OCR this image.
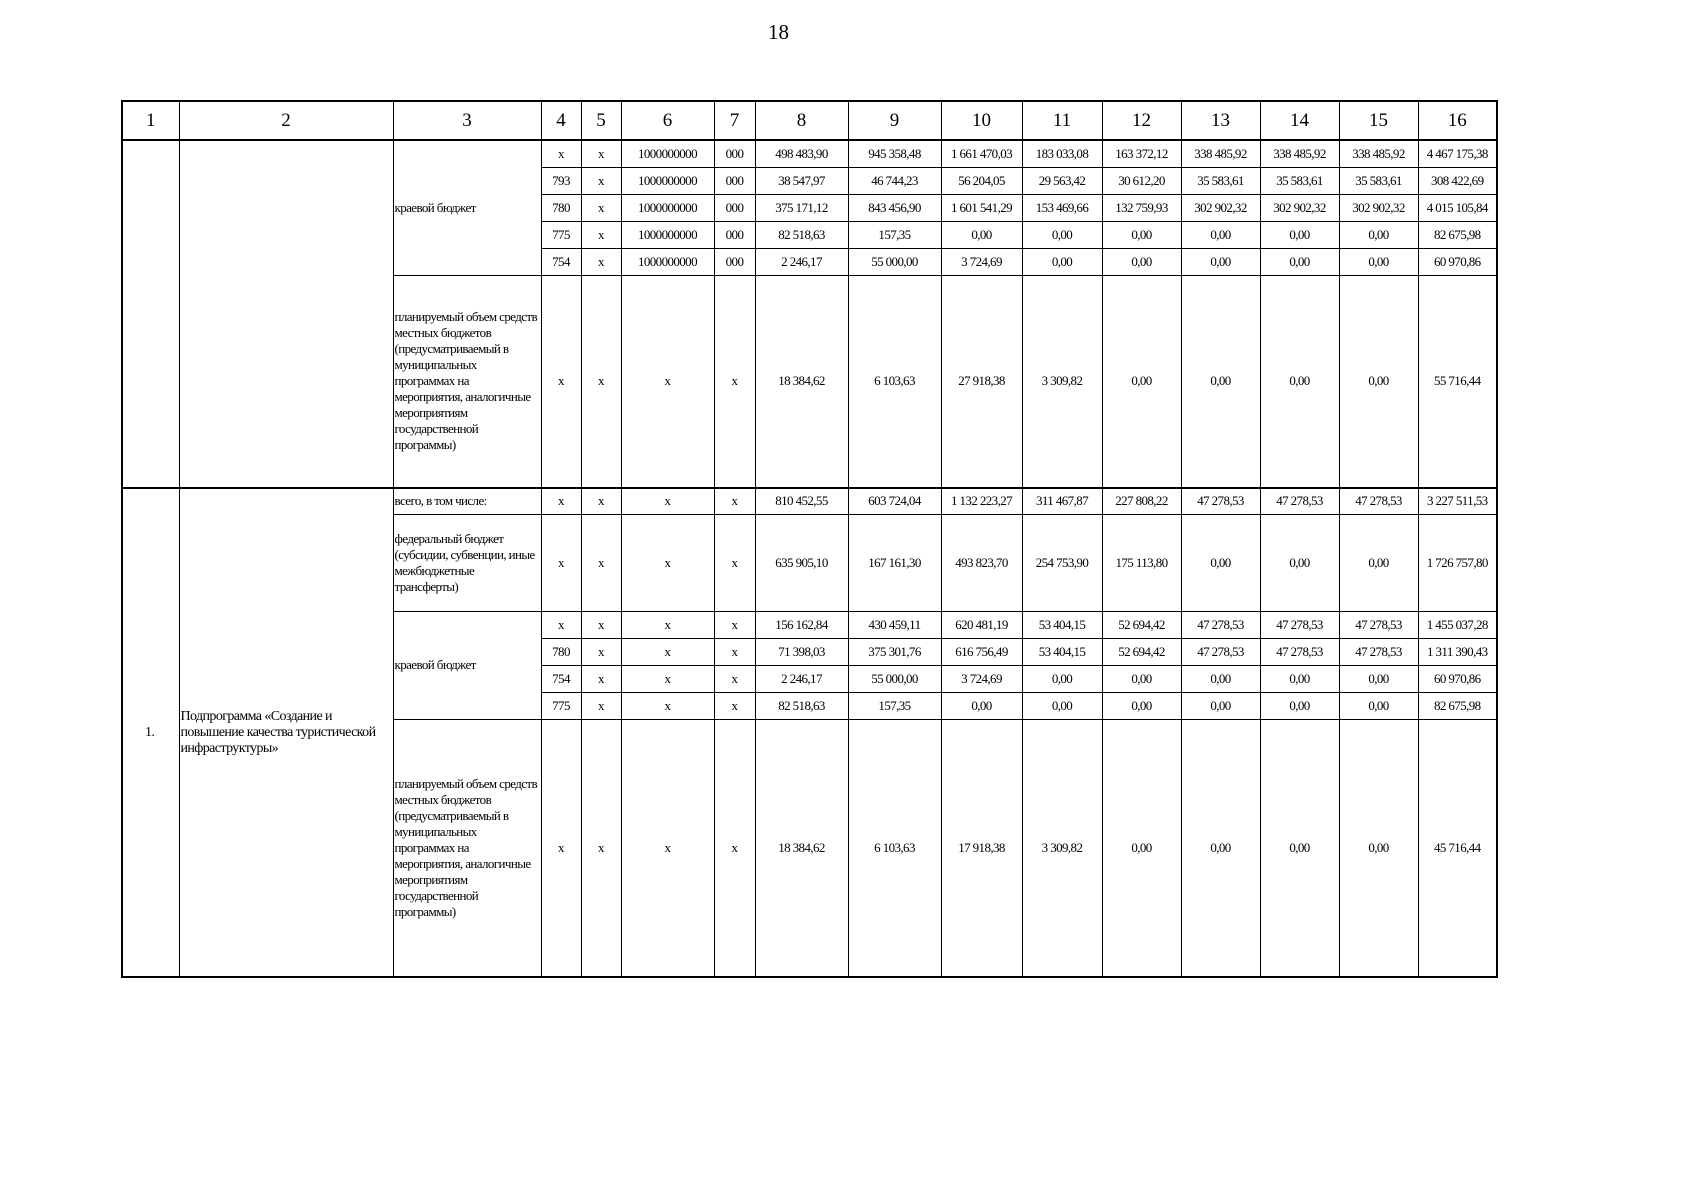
18
1	2	3	4	5	6	7	8	9	10	11	12	13	14	15	16
		краевой бюджет	х	х	1000000000	000	498 483,90	945 358,48	1 661 470,03	183 033,08	163 372,12	338 485,92	338 485,92	338 485,92	4 467 175,38
			793	х	1000000000	000	38 547,97	46 744,23	56 204,05	29 563,42	30 612,20	35 583,61	35 583,61	35 583,61	308 422,69
			780	х	1000000000	000	375 171,12	843 456,90	1 601 541,29	153 469,66	132 759,93	302 902,32	302 902,32	302 902,32	4 015 105,84
			775	х	1000000000	000	82 518,63	157,35	0,00	0,00	0,00	0,00	0,00	0,00	82 675,98
			754	х	1000000000	000	2 246,17	55 000,00	3 724,69	0,00	0,00	0,00	0,00	0,00	60 970,86
		планируемый объем средств местных бюджетов (предусматриваемый в муниципальных программах на мероприятия, аналогичные мероприятиям государственной программы)	х	х	х	х	18 384,62	6 103,63	27 918,38	3 309,82	0,00	0,00	0,00	0,00	55 716,44
1.	Подпрограмма «Создание и повышение качества туристической инфраструктуры»	всего, в том числе:	х	х	х	х	810 452,55	603 724,04	1 132 223,27	311 467,87	227 808,22	47 278,53	47 278,53	47 278,53	3 227 511,53
		федеральный бюджет (субсидии, субвенции, иные межбюджетные трансферты)	х	х	х	х	635 905,10	167 161,30	493 823,70	254 753,90	175 113,80	0,00	0,00	0,00	1 726 757,80
		краевой бюджет	х	х	х	х	156 162,84	430 459,11	620 481,19	53 404,15	52 694,42	47 278,53	47 278,53	47 278,53	1 455 037,28
			780	х	х	х	71 398,03	375 301,76	616 756,49	53 404,15	52 694,42	47 278,53	47 278,53	47 278,53	1 311 390,43
			754	х	х	х	2 246,17	55 000,00	3 724,69	0,00	0,00	0,00	0,00	0,00	60 970,86
			775	х	х	х	82 518,63	157,35	0,00	0,00	0,00	0,00	0,00	0,00	82 675,98
		планируемый объем средств местных бюджетов (предусматриваемый в муниципальных программах на мероприятия, аналогичные мероприятиям государственной программы)	х	х	х	х	18 384,62	6 103,63	17 918,38	3 309,82	0,00	0,00	0,00	0,00	45 716,44
